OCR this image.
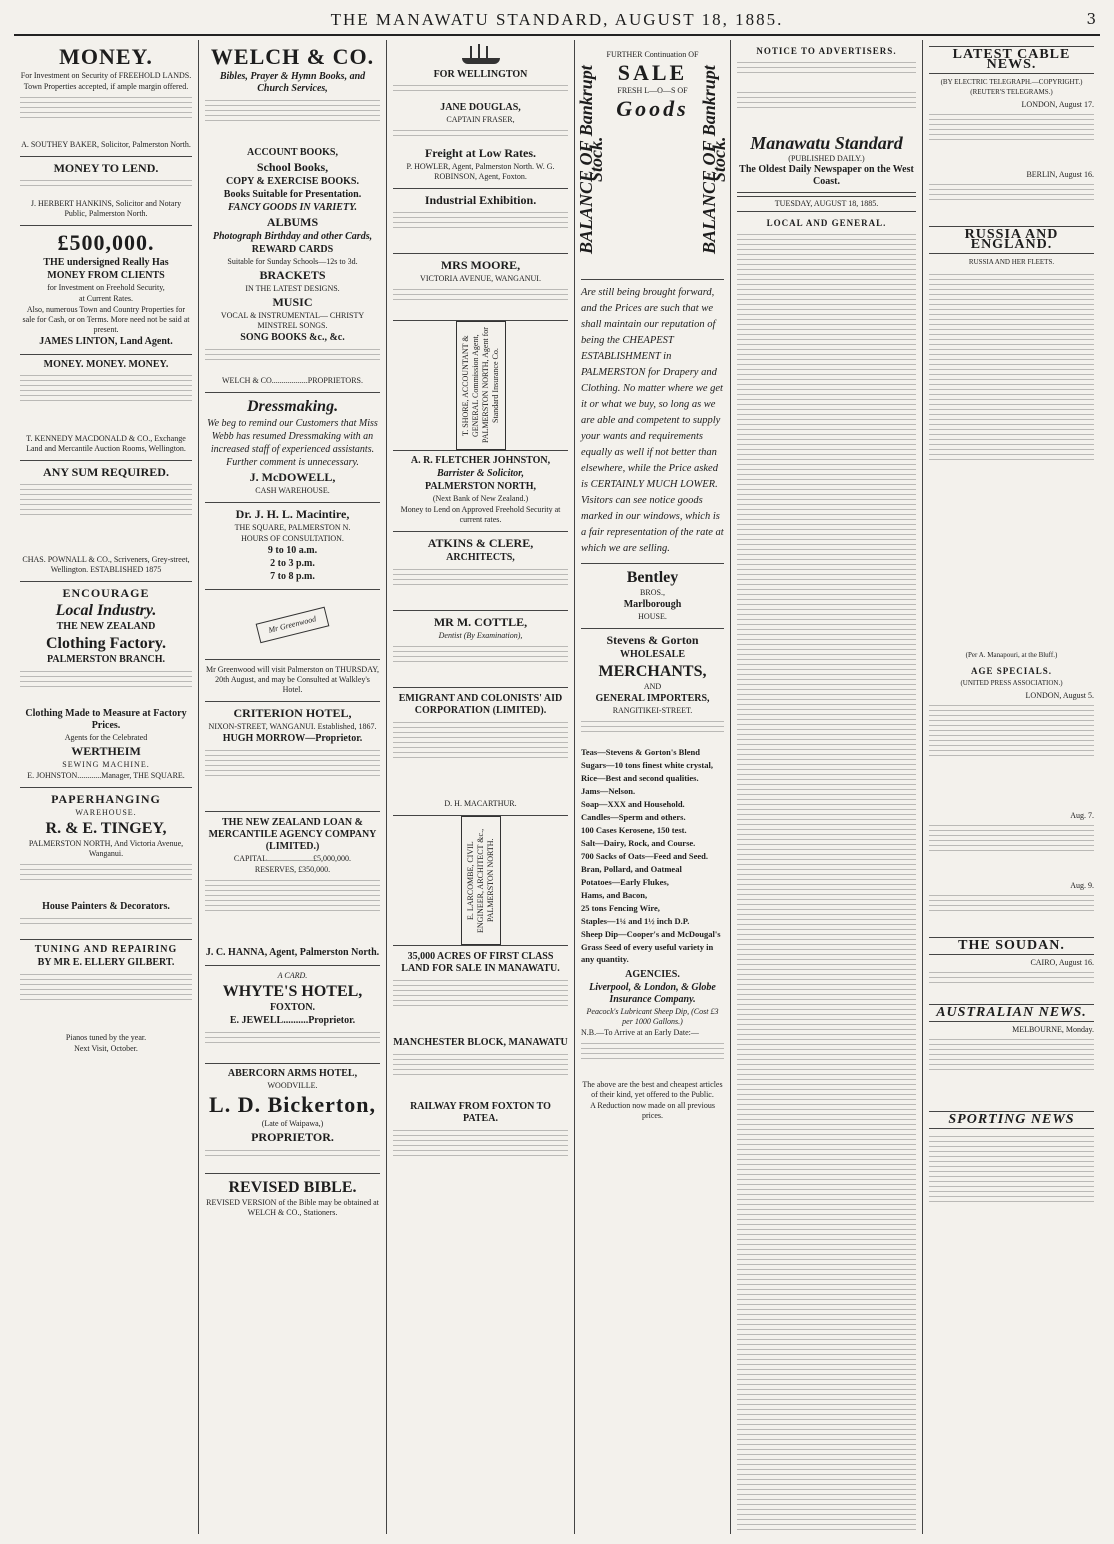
THE MANAWATU STANDARD, AUGUST 18, 1885.	3
MONEY.

For Investment on Security of FREEHOLD LANDS.

Town Properties accepted, if ample margin offered.

A. SOUTHEY BAKER, Solicitor, Palmerston North.

MONEY TO LEND.

J. HERBERT HANKINS, Solicitor and Notary Public, Palmerston North.

£500,000.

THE undersigned Really Has

MONEY FROM CLIENTS

for Investment on Freehold Security,

at Current Rates.

Also, numerous Town and Country Properties for sale for Cash, or on Terms. More need not be said at present.

JAMES LINTON, Land Agent.

MONEY. MONEY. MONEY.

T. KENNEDY MACDONALD & CO., Exchange Land and Mercantile Auction Rooms, Wellington.

ANY SUM REQUIRED.

CHAS. POWNALL & CO., Scriveners, Grey-street, Wellington. ESTABLISHED 1875

ENCOURAGE
Local Industry.

THE NEW ZEALAND

Clothing Factory.

PALMERSTON BRANCH.

Clothing Made to Measure at Factory Prices.

Agents for the Celebrated

WERTHEIM

SEWING MACHINE.

E. JOHNSTON............Manager, THE SQUARE.

PAPERHANGING

WAREHOUSE.

R. & E. TINGEY,

PALMERSTON NORTH, And Victoria Avenue, Wanganui.

House Painters & Decorators.

TUNING AND REPAIRING

BY MR E. ELLERY GILBERT.

Pianos tuned by the year.

Next Visit, October.

WELCH & CO.

Bibles, Prayer & Hymn Books, and Church Services,

ACCOUNT BOOKS,

School Books,

COPY & EXERCISE BOOKS.

Books Suitable for Presentation.

FANCY GOODS IN VARIETY.

ALBUMS

Photograph Birthday and other Cards,

REWARD CARDS

Suitable for Sunday Schools—12s to 3d.

BRACKETS

IN THE LATEST DESIGNS.

MUSIC

VOCAL & INSTRUMENTAL— CHRISTY MINSTREL SONGS.

SONG BOOKS &c., &c.

WELCH & CO..................PROPRIETORS.

Dressmaking.

We beg to remind our Customers that Miss Webb has resumed Dressmaking with an increased staff of experienced assistants. Further comment is unnecessary.

J. McDOWELL,

CASH WAREHOUSE.

Dr. J. H. L. Macintire,

THE SQUARE, PALMERSTON N.

HOURS OF CONSULTATION.

9 to 10 a.m.

2 to 3 p.m.

7 to 8 p.m.

Mr Greenwood

Mr Greenwood will visit Palmerston on THURSDAY, 20th August, and may be Consulted at Walkley's Hotel.

CRITERION HOTEL,

NIXON-STREET, WANGANUI. Established, 1867.

HUGH MORROW—Proprietor.

THE NEW ZEALAND LOAN & MERCANTILE AGENCY COMPANY (LIMITED.)

CAPITAL.......................£5,000,000.

RESERVES, £350,000.

J. C. HANNA, Agent, Palmerston North.

A CARD.

WHYTE'S HOTEL,

FOXTON.

E. JEWELL..........Proprietor.

ABERCORN ARMS HOTEL,

WOODVILLE.

L. D. Bickerton,

(Late of Waipawa,)

PROPRIETOR.

REVISED BIBLE.

REVISED VERSION of the Bible may be obtained at WELCH & CO., Stationers.

FOR WELLINGTON

JANE DOUGLAS,

CAPTAIN FRASER,

Freight at Low Rates.

P. HOWLER, Agent, Palmerston North. W. G. ROBINSON, Agent, Foxton.

Industrial Exhibition.
MRS MOORE,

VICTORIA AVENUE, WANGANUI.

T. SHORE, ACCOUNTANT & GENERAL Commission Agent, PALMERSTON NORTH, Agent for Standard Insurance Co.
A. R. FLETCHER JOHNSTON,

Barrister & Solicitor,

PALMERSTON NORTH,

(Next Bank of New Zealand.)

Money to Lend on Approved Freehold Security at current rates.

ATKINS & CLERE,

ARCHITECTS,

MR M. COTTLE,

Dentist (By Examination),

EMIGRANT AND COLONISTS' AID CORPORATION (LIMITED).

D. H. MACARTHUR.

E. LARCOMBE, CIVIL ENGINEER, ARCHITECT &c., PALMERSTON NORTH.

35,000 ACRES OF FIRST CLASS LAND FOR SALE IN MANAWATU.

MANCHESTER BLOCK, MANAWATU

RAILWAY FROM FOXTON TO PATEA.

BALANCE OF Bankrupt Stock.

FURTHER Continuation OF

SALE

FRESH L—O—S OF

Goods BALANCE OF Bankrupt Stock.

Are still being brought forward, and the Prices are such that we shall maintain our reputation of being the CHEAPEST ESTABLISHMENT in PALMERSTON for Drapery and Clothing. No matter where we get it or what we buy, so long as we are able and competent to supply your wants and requirements equally as well if not better than elsewhere, while the Price asked is CERTAINLY MUCH LOWER. Visitors can see notice goods marked in our windows, which is a fair representation of the rate at which we are selling.

Bentley

BROS.,

Marlborough

HOUSE.

Stevens & Gorton

WHOLESALE

MERCHANTS,

AND

GENERAL IMPORTERS,

RANGITIKEI-STREET.

Teas—Stevens & Gorton's Blend

Sugars—10 tons finest white crystal,

Rice—Best and second qualities.

Jams—Nelson.

Soap—XXX and Household.

Candles—Sperm and others.

100 Cases Kerosene, 150 test.

Salt—Dairy, Rock, and Course.

700 Sacks of Oats—Feed and Seed.

Bran, Pollard, and Oatmeal

Potatoes—Early Flukes,

Hams, and Bacon,

25 tons Fencing Wire,

Staples—1¼ and 1½ inch D.P.

Sheep Dip—Cooper's and McDougal's

Grass Seed of every useful variety in any quantity.

AGENCIES.

Liverpool, & London, & Globe Insurance Company.

Peacock's Lubricant Sheep Dip, (Cost £3 per 1000 Gallons.)

N.B.—To Arrive at an Early Date:—

The above are the best and cheapest articles of their kind, yet offered to the Public.

A Reduction now made on all previous prices.

NOTICE TO ADVERTISERS.
Manawatu Standard

(PUBLISHED DAILY.)

The Oldest Daily Newspaper on the West Coast.

TUESDAY, AUGUST 18, 1885.
LOCAL AND GENERAL.
LATEST CABLE NEWS.

(BY ELECTRIC TELEGRAPH.—COPYRIGHT.) (REUTER'S TELEGRAMS.)

LONDON, August 17.

BERLIN, August 16.

RUSSIA AND ENGLAND.

RUSSIA AND HER FLEETS.

(Per A. Manapouri, at the Bluff.)

AGE SPECIALS.

(UNITED PRESS ASSOCIATION.)

LONDON, August 5.

Aug. 7.

Aug. 9.

THE SOUDAN.

CAIRO, August 16.

AUSTRALIAN NEWS.

MELBOURNE, Monday.

SPORTING NEWS
